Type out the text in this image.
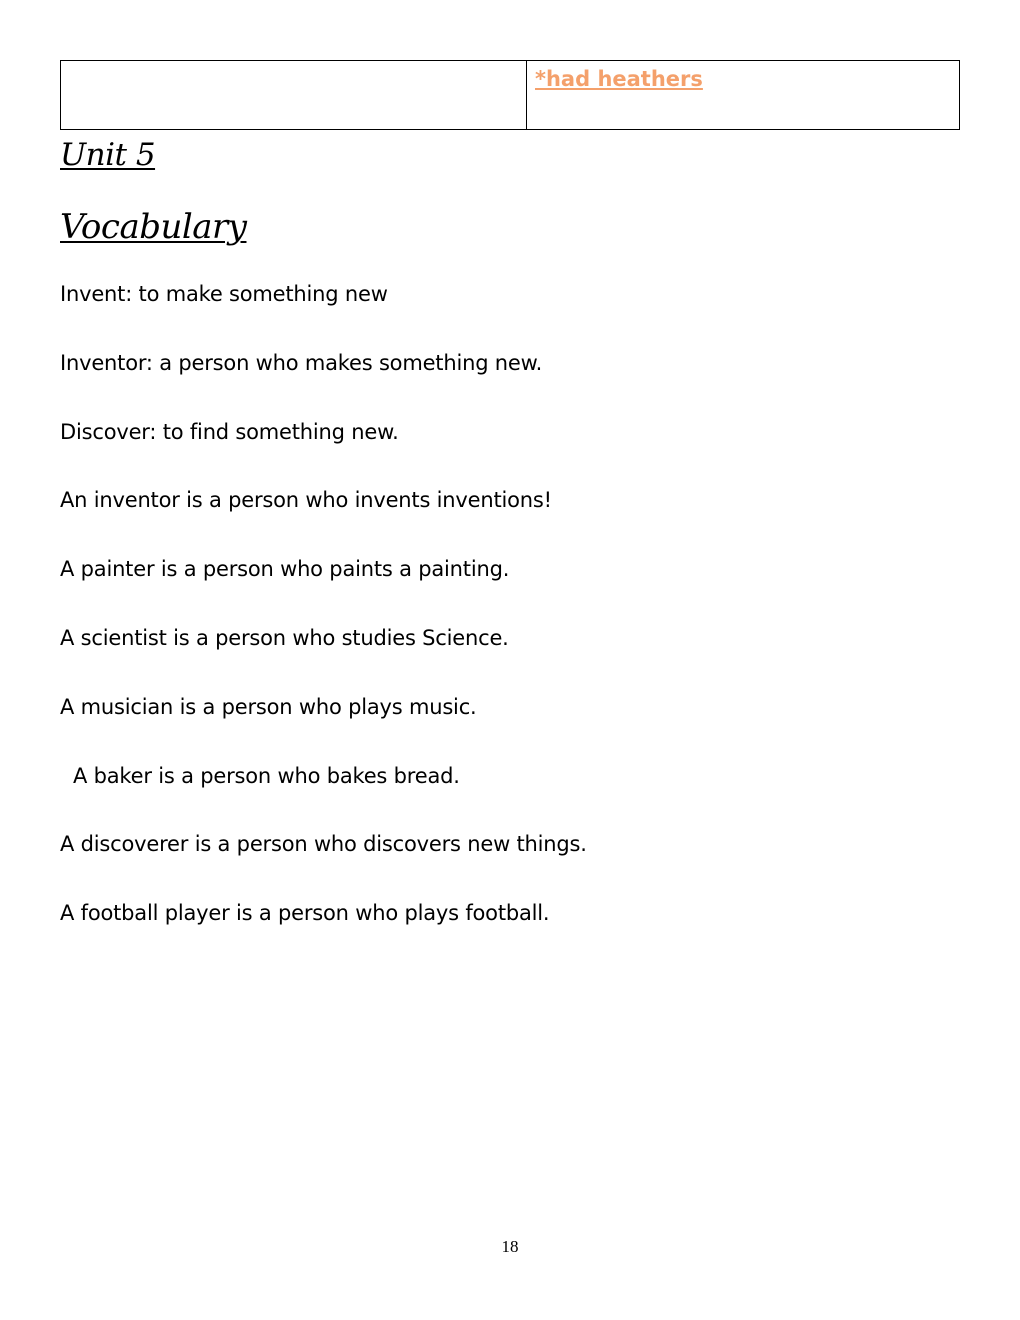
	*had heathers
Unit 5
Vocabulary
Invent: to make something new
Inventor: a person who makes something new.
Discover: to find something new.
An inventor is a person who invents inventions!
A painter is a person who paints a painting.
A scientist is a person who studies Science.
A musician is a person who plays music.
A baker is a person who bakes bread.
A discoverer is a person who discovers new things.
A football player is a person who plays football.
18
